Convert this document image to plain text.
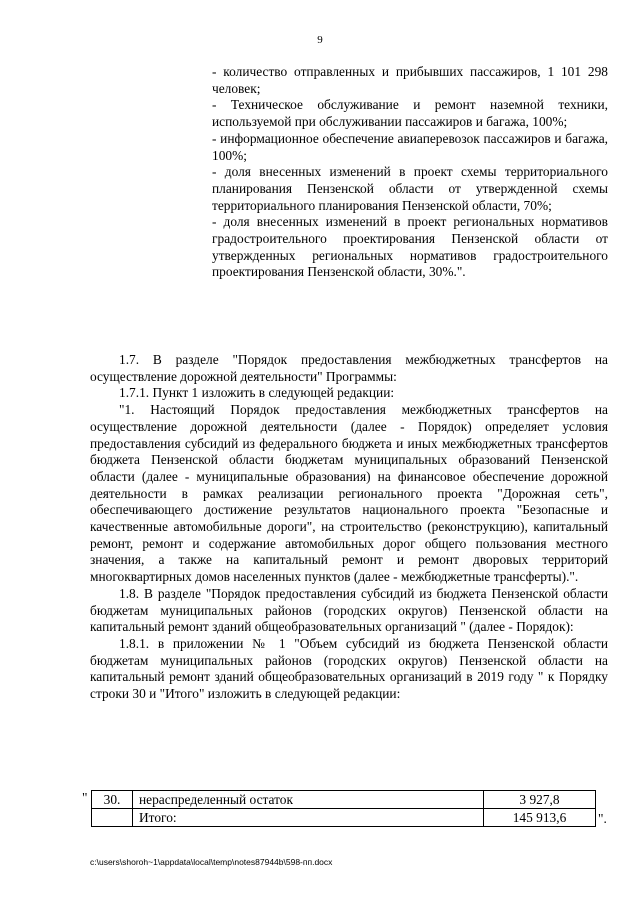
9

- количество отправленных и прибывших пассажиров, 1 101 298 человек;

- Техническое обслуживание и ремонт наземной техники, используемой при обслуживании пассажиров и багажа, 100%;

- информационное обеспечение авиаперевозок пассажиров и багажа, 100%;

- доля внесенных изменений в проект схемы территориального планирования Пензенской области от утвержденной схемы территориального планирования Пензенской области, 70%;

- доля внесенных изменений в проект региональных нормативов градостроительного проектирования Пензенской области от утвержденных региональных нормативов градостроительного проектирования Пензенской области, 30%.".

1.7. В разделе "Порядок предоставления межбюджетных трансфертов на осуществление дорожной деятельности" Программы:

1.7.1. Пункт 1 изложить в следующей редакции:

"1. Настоящий Порядок предоставления межбюджетных трансфертов на осуществление дорожной деятельности (далее - Порядок) определяет условия предоставления субсидий из федерального бюджета и иных межбюджетных трансфертов бюджета Пензенской области бюджетам муниципальных образований Пензенской области (далее - муниципальные образования) на финансовое обеспечение дорожной деятельности в рамках реализации регионального проекта "Дорожная сеть", обеспечивающего достижение результатов национального проекта "Безопасные и качественные автомобильные дороги", на строительство (реконструкцию), капитальный ремонт, ремонт и содержание автомобильных дорог общего пользования местного значения, а также на капитальный ремонт и ремонт дворовых территорий многоквартирных домов населенных пунктов (далее - межбюджетные трансферты).".

1.8. В разделе "Порядок предоставления субсидий из бюджета Пензенской области бюджетам муниципальных районов (городских округов) Пензенской области на капитальный ремонт зданий общеобразовательных организаций " (далее - Порядок):

1.8.1. в приложении № 1 "Объем субсидий из бюджета Пензенской области бюджетам муниципальных районов (городских округов) Пензенской области на капитальный ремонт зданий общеобразовательных организаций в 2019 году " к Порядку строки 30 и "Итого" изложить в следующей редакции:

" 30.	нераспределенный остаток	3 927,8
	Итого:	145 913,6 ".
c:\users\shoroh~1\appdata\local\temp\notes87944b\598-пп.docx
